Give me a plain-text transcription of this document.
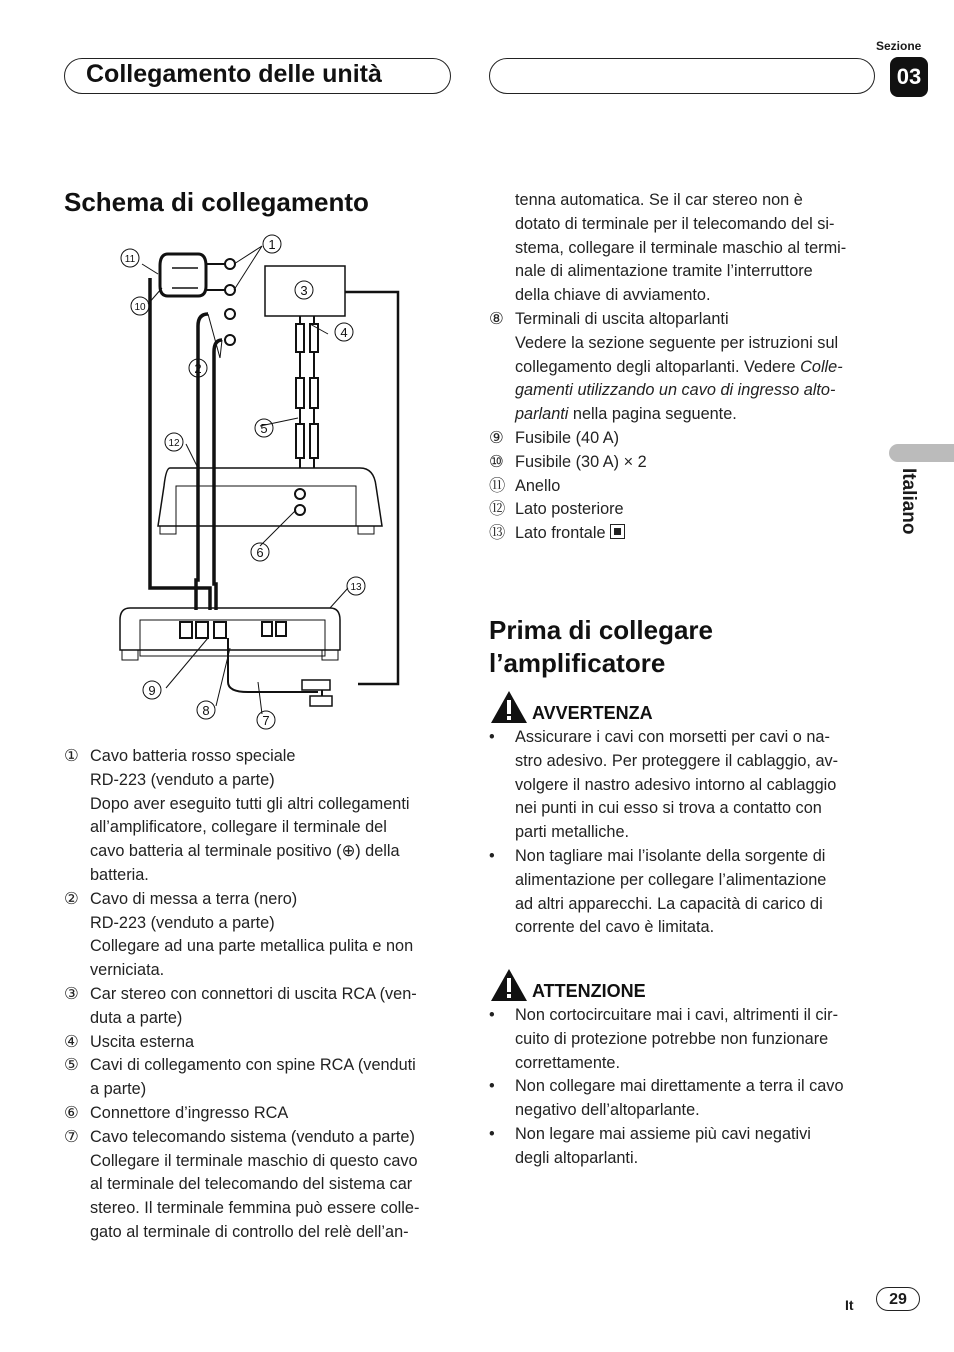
Collegamento delle unità
Sezione
03
Italiano
Schema di collegamento
1
2
3
4
5
6
7
8
9
10
11
12
13
① Cavo batteria rosso speciale
RD-223 (venduto a parte)
Dopo aver eseguito tutti gli altri collegamenti
all’amplificatore, collegare il terminale del
cavo batteria al terminale positivo (⊕) della
batteria.
② Cavo di messa a terra (nero)
RD-223 (venduto a parte)
Collegare ad una parte metallica pulita e non
verniciata.
③ Car stereo con connettori di uscita RCA (ven-
duta a parte)
④ Uscita esterna
⑤ Cavi di collegamento con spine RCA (venduti
a parte)
⑥ Connettore d’ingresso RCA
⑦ Cavo telecomando sistema (venduto a parte)
Collegare il terminale maschio di questo cavo
al terminale del telecomando del sistema car
stereo. Il terminale femmina può essere colle-
gato al terminale di controllo del relè dell’an-
tenna automatica. Se il car stereo non è
dotato di terminale per il telecomando del si-
stema, collegare il terminale maschio al termi-
nale di alimentazione tramite l’interruttore
della chiave di avviamento.

⑧ Terminali di uscita altoparlanti
Vedere la sezione seguente per istruzioni sul
collegamento degli altoparlanti. Vedere Colle-
gamenti utilizzando un cavo di ingresso alto-
parlanti nella pagina seguente.
⑨ Fusibile (40 A)
⑩ Fusibile (30 A) × 2
⑪ Anello
⑫ Lato posteriore
⑬ Lato frontale
Prima di collegare
l’amplificatore
AVVERTENZA
• Assicurare i cavi con morsetti per cavi o na-
stro adesivo. Per proteggere il cablaggio, av-
volgere il nastro adesivo intorno al cablaggio
nei punti in cui esso si trova a contatto con
parti metalliche.
• Non tagliare mai l’isolante della sorgente di
alimentazione per collegare l’alimentazione
ad altri apparecchi. La capacità di carico di
corrente del cavo è limitata.
ATTENZIONE
• Non cortocircuitare mai i cavi, altrimenti il cir-
cuito di protezione potrebbe non funzionare
correttamente.
• Non collegare mai direttamente a terra il cavo
negativo dell’altoparlante.
• Non legare mai assieme più cavi negativi
degli altoparlanti.
It	29
